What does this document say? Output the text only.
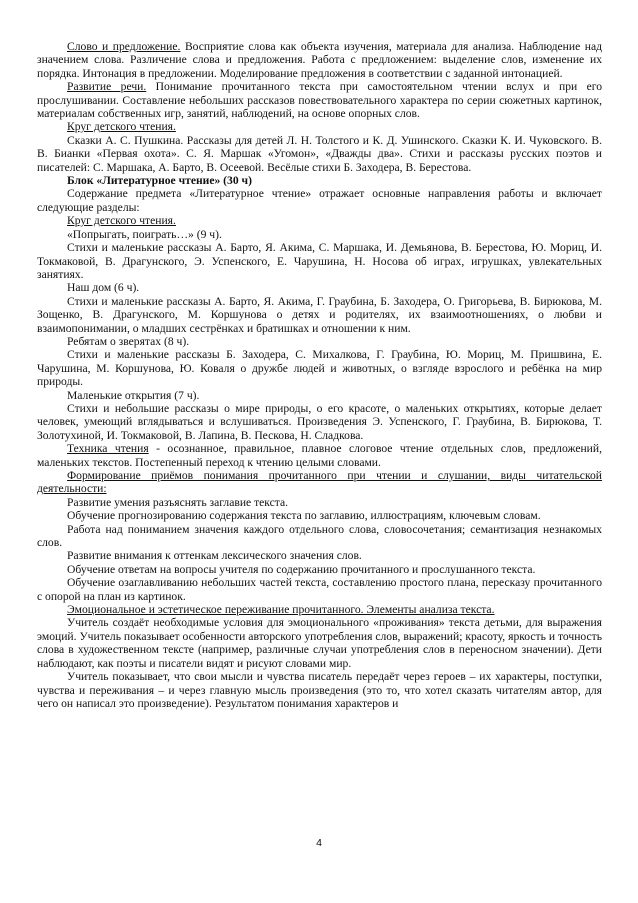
Слово и предложение. Восприятие слова как объекта изучения, материала для анализа. Наблюдение над значением слова. Различение слова и предложения. Работа с предложением: выделение слов, изменение их порядка. Интонация в предложении. Моделирование предложения в соответствии с заданной интонацией.

Развитие речи. Понимание прочитанного текста при самостоятельном чтении вслух и при его прослушивании. Составление небольших рассказов повествовательного характера по серии сюжетных картинок, материалам собственных игр, занятий, наблюдений, на основе опорных слов.

Круг детского чтения.

Сказки А. С. Пушкина. Рассказы для детей Л. Н. Толстого и К. Д. Ушинского. Сказки К. И. Чуковского. В. В. Бианки «Первая охота». С. Я. Маршак «Угомон», «Дважды два». Стихи и рассказы русских поэтов и писателей: С. Маршака, А. Барто, В. Осеевой. Весёлые стихи Б. Заходера, В. Берестова.

Блок «Литературное чтение» (30 ч)

Содержание предмета «Литературное чтение» отражает основные направления работы и включает следующие разделы:

Круг детского чтения.

«Попрыгать, поиграть…» (9 ч).

Стихи и маленькие рассказы А. Барто, Я. Акима, С. Маршака, И. Демьянова, В. Берестова, Ю. Мориц, И. Токмаковой, В. Драгунского, Э. Успенского, Е. Чарушина, Н. Носова об играх, игрушках, увлекательных занятиях.

Наш дом (6 ч).

Стихи и маленькие рассказы А. Барто, Я. Акима, Г. Граубина, Б. Заходера, О. Григорьева, В. Бирюкова, М. Зощенко, В. Драгунского, М. Коршунова о детях и родителях, их взаимоотношениях, о любви и взаимопонимании, о младших сестрёнках и братишках и отношении к ним.

Ребятам о зверятах (8 ч).

Стихи и маленькие рассказы Б. Заходера, С. Михалкова, Г. Граубина, Ю. Мориц, М. Пришвина, Е. Чарушина, М. Коршунова, Ю. Коваля о дружбе людей и животных, о взгляде взрослого и ребёнка на мир природы.

Маленькие открытия (7 ч).

Стихи и небольшие рассказы о мире природы, о его красоте, о маленьких открытиях, которые делает человек, умеющий вглядываться и вслушиваться. Произведения Э. Успенского, Г. Граубина, В. Бирюкова, Т. Золотухиной, И. Токмаковой, В. Лапина, В. Пескова, Н. Сладкова.

Техника чтения - осознанное, правильное, плавное слоговое чтение отдельных слов, предложений, маленьких текстов. Постепенный переход к чтению целыми словами.

Формирование приёмов понимания прочитанного при чтении и слушании, виды читательской деятельности:

Развитие умения разъяснять заглавие текста.

Обучение прогнозированию содержания текста по заглавию, иллюстрациям, ключевым словам.

Работа над пониманием значения каждого отдельного слова, словосочетания; семантизация незнакомых слов.

Развитие внимания к оттенкам лексического значения слов.

Обучение ответам на вопросы учителя по содержанию прочитанного и прослушанного текста.

Обучение озаглавливанию небольших частей текста, составлению простого плана, пересказу прочитанного с опорой на план из картинок.

Эмоциональное и эстетическое переживание прочитанного. Элементы анализа текста.

Учитель создаёт необходимые условия для эмоционального «проживания» текста детьми, для выражения эмоций. Учитель показывает особенности авторского употребления слов, выражений; красоту, яркость и точность слова в художественном тексте (например, различные случаи употребления слов в переносном значении). Дети наблюдают, как поэты и писатели видят и рисуют словами мир.

Учитель показывает, что свои мысли и чувства писатель передаёт через героев – их характеры, поступки, чувства и переживания – и через главную мысль произведения (это то, что хотел сказать читателям автор, для чего он написал это произведение). Результатом понимания характеров и

4
